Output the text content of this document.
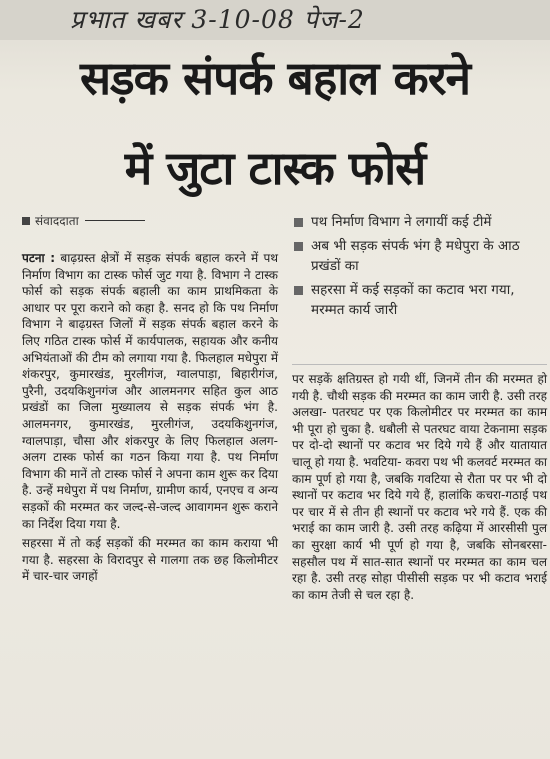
प्रभात खबर 3-10-08 पेज-2
सड़क संपर्क बहाल करने
में जुटा टास्क फोर्स
संवाददाता	पथ निर्माण विभाग ने लगायीं कई टीमें
अब भी सड़क संपर्क भंग है मधेपुरा के आठ प्रखंडों का
सहरसा में कई सड़कों का कटाव भरा गया, मरम्मत कार्य जारी

पटना : बाढ़ग्रस्त क्षेत्रों में सड़क संपर्क बहाल करने में पथ निर्माण विभाग का टास्क फोर्स जुट गया है. विभाग ने टास्क फोर्स को सड़क संपर्क बहाली का काम प्राथमिकता के आधार पर पूरा कराने को कहा है. सनद हो कि पथ निर्माण विभाग ने बाढ़ग्रस्त जिलों में सड़क संपर्क बहाल करने के लिए गठित टास्क फोर्स में कार्यपालक, सहायक और कनीय अभियंताओं की टीम को लगाया गया है. फिलहाल मधेपुरा में शंकरपुर, कुमारखंड, मुरलीगंज, ग्वालपाड़ा, बिहारीगंज, पुरैनी, उदयकिशुनगंज और आलमनगर सहित कुल आठ प्रखंडों का जिला मुख्यालय से सड़क संपर्क भंग है. आलमनगर, कुमारखंड, मुरलीगंज, उदयकिशुनगंज, ग्वालपाड़ा, चौसा और शंकरपुर के लिए फिलहाल अलग-अलग टास्क फोर्स का गठन किया गया है. पथ निर्माण विभाग की मानें तो टास्क फोर्स ने अपना काम शुरू कर दिया है. उन्हें मधेपुरा में पथ निर्माण, ग्रामीण कार्य, एनएच व अन्य सड़कों की मरम्मत कर जल्द-से-जल्द आवागमन शुरू कराने का निर्देश दिया गया है.

सहरसा में तो कई सड़कों की मरम्मत का काम कराया भी गया है. सहरसा के विरादपुर से गालगा तक छह किलोमीटर में चार-चार जगहों

पर सड़कें क्षतिग्रस्त हो गयी थीं, जिनमें तीन की मरम्मत हो गयी है. चौथी सड़क की मरम्मत का काम जारी है. उसी तरह अलखा- पतरघट पर एक किलोमीटर पर मरम्मत का काम भी पूरा हो चुका है. धबौली से पतरघट वाया टेकनामा सड़क पर दो-दो स्थानों पर कटाव भर दिये गये हैं और यातायात चालू हो गया है. भवटिया- कवरा पथ भी कलवर्ट मरम्मत का काम पूर्ण हो गया है, जबकि गवटिया से रौता पर पर भी दो स्थानों पर कटाव भर दिये गये हैं, हालांकि कचरा-गठाई पथ पर चार में से तीन ही स्थानों पर कटाव भरे गये हैं. एक की भराई का काम जारी है. उसी तरह कढ़िया में आरसीसी पुल का सुरक्षा कार्य भी पूर्ण हो गया है, जबकि सोनबरसा- सहसौल पथ में सात-सात स्थानों पर मरम्मत का काम चल रहा है. उसी तरह सोहा पीसीसी सड़क पर भी कटाव भराई का काम तेजी से चल रहा है.
